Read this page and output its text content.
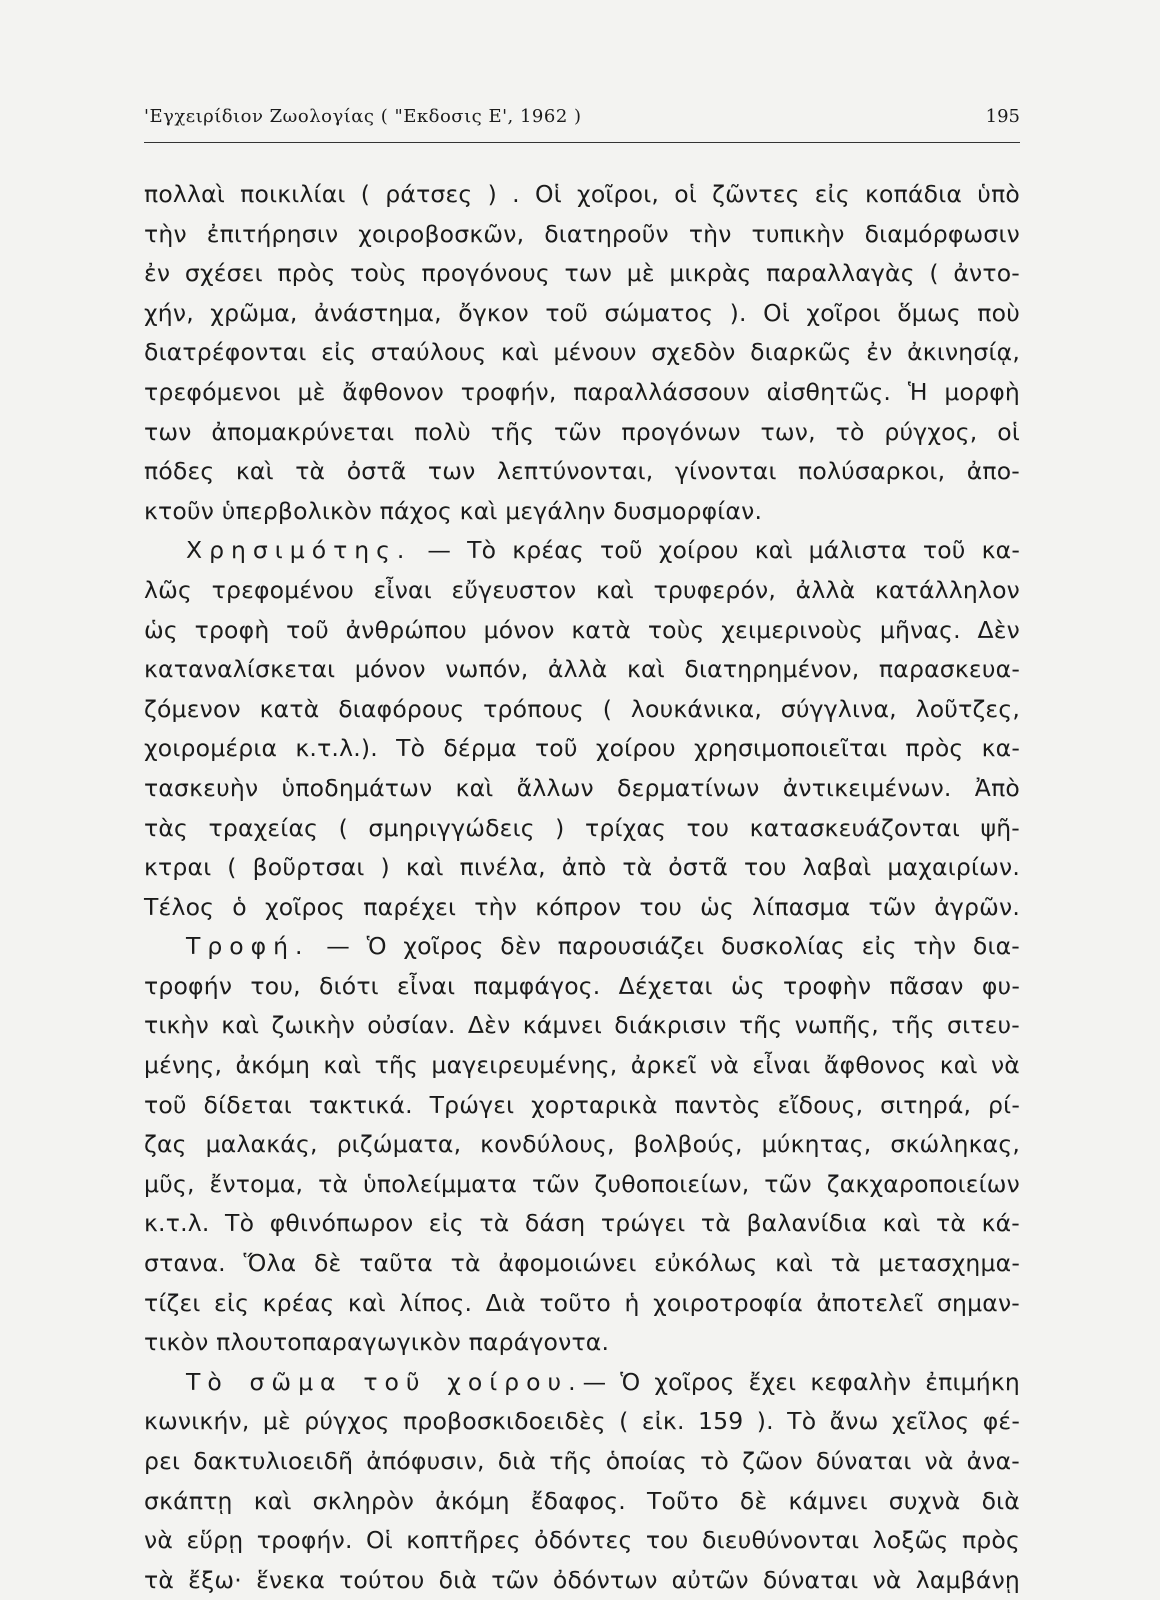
'Εγχειρίδιον Ζωολογίας ( "Εκδοσις Ε', 1962 )	195
πολλαὶ ποικιλίαι ( ράτσες ) . Οἱ χοῖροι, οἱ ζῶντες εἰς κοπάδια ὑπὸ
τὴν ἐπιτήρησιν χοιροβοσκῶν, διατηροῦν τὴν τυπικὴν διαμόρφωσιν
ἐν σχέσει πρὸς τοὺς προγόνους των μὲ μικρὰς παραλλαγὰς ( ἀντο-
χήν, χρῶμα, ἀνάστημα, ὄγκον τοῦ σώματος ). Οἱ χοῖροι ὅμως ποὺ
διατρέφονται εἰς σταύλους καὶ μένουν σχεδὸν διαρκῶς ἐν ἀκινησίᾳ,
τρεφόμενοι μὲ ἄφθονον τροφήν, παραλλάσσουν αἰσθητῶς. Ἡ μορφὴ
των ἀπομακρύνεται πολὺ τῆς τῶν προγόνων των, τὸ ρύγχος, οἱ
πόδες καὶ τὰ ὀστᾶ των λεπτύνονται, γίνονται πολύσαρκοι, ἀπο-
κτοῦν ὑπερβολικὸν πάχος καὶ μεγάλην δυσμορφίαν.
Χρησιμότης. — Τὸ κρέας τοῦ χοίρου καὶ μάλιστα τοῦ κα-
λῶς τρεφομένου εἶναι εὔγευστον καὶ τρυφερόν, ἀλλὰ κατάλληλον
ὡς τροφὴ τοῦ ἀνθρώπου μόνον κατὰ τοὺς χειμερινοὺς μῆνας. Δὲν
καταναλίσκεται μόνον νωπόν, ἀλλὰ καὶ διατηρημένον, παρασκευα-
ζόμενον κατὰ διαφόρους τρόπους ( λουκάνικα, σύγγλινα, λοῦτζες,
χοιρομέρια κ.τ.λ.). Τὸ δέρμα τοῦ χοίρου χρησιμοποιεῖται πρὸς κα-
τασκευὴν ὑποδημάτων καὶ ἄλλων δερματίνων ἀντικειμένων. Ἀπὸ
τὰς τραχείας ( σμηριγγώδεις ) τρίχας του κατασκευάζονται ψῆ-
κτραι ( βοῦρτσαι ) καὶ πινέλα, ἀπὸ τὰ ὀστᾶ του λαβαὶ μαχαιρίων.
Τέλος ὁ χοῖρος παρέχει τὴν κόπρον του ὡς λίπασμα τῶν ἀγρῶν.
Τροφή. — Ὁ χοῖρος δὲν παρουσιάζει δυσκολίας εἰς τὴν δια-
τροφήν του, διότι εἶναι παμφάγος. Δέχεται ὡς τροφὴν πᾶσαν φυ-
τικὴν καὶ ζωικὴν οὐσίαν. Δὲν κάμνει διάκρισιν τῆς νωπῆς, τῆς σιτευ-
μένης, ἀκόμη καὶ τῆς μαγειρευμένης, ἀρκεῖ νὰ εἶναι ἄφθονος καὶ νὰ
τοῦ δίδεται τακτικά. Τρώγει χορταρικὰ παντὸς εἴδους, σιτηρά, ρί-
ζας μαλακάς, ριζώματα, κονδύλους, βολβούς, μύκητας, σκώληκας,
μῦς, ἔντομα, τὰ ὑπολείμματα τῶν ζυθοποιείων, τῶν ζακχαροποιείων
κ.τ.λ. Τὸ φθινόπωρον εἰς τὰ δάση τρώγει τὰ βαλανίδια καὶ τὰ κά-
στανα. Ὅλα δὲ ταῦτα τὰ ἀφομοιώνει εὐκόλως καὶ τὰ μετασχημα-
τίζει εἰς κρέας καὶ λίπος. Διὰ τοῦτο ἡ χοιροτροφία ἀποτελεῖ σημαν-
τικὸν πλουτοπαραγωγικὸν παράγοντα.
Τὸ σῶμα τοῦ χοίρου.— Ὁ χοῖρος ἔχει κεφαλὴν ἐπιμήκη
κωνικήν, μὲ ρύγχος προβοσκιδοειδὲς ( εἰκ. 159 ). Τὸ ἄνω χεῖλος φέ-
ρει δακτυλιοειδῆ ἀπόφυσιν, διὰ τῆς ὁποίας τὸ ζῶον δύναται νὰ ἀνα-
σκάπτῃ καὶ σκληρὸν ἀκόμη ἔδαφος. Τοῦτο δὲ κάμνει συχνὰ διὰ
νὰ εὕρῃ τροφήν. Οἱ κοπτῆρες ὀδόντες του διευθύνονται λοξῶς πρὸς
τὰ ἔξω· ἕνεκα τούτου διὰ τῶν ὀδόντων αὐτῶν δύναται νὰ λαμβάνῃ
